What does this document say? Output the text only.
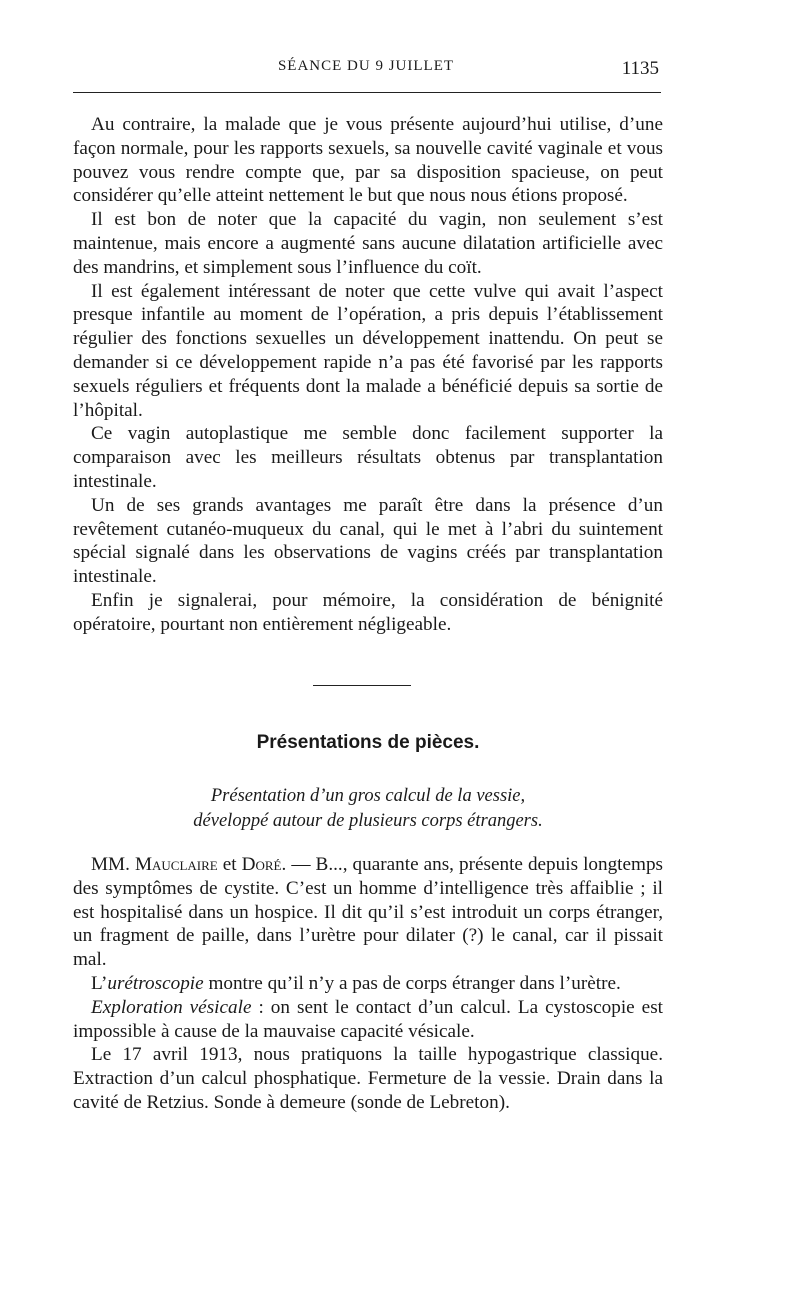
SÉANCE DU 9 JUILLET	1135

Au contraire, la malade que je vous présente aujourd’hui utilise, d’une façon normale, pour les rapports sexuels, sa nouvelle cavité vaginale et vous pouvez vous rendre compte que, par sa disposition spacieuse, on peut considérer qu’elle atteint nettement le but que nous nous étions proposé.

Il est bon de noter que la capacité du vagin, non seulement s’est maintenue, mais encore a augmenté sans aucune dilatation artificielle avec des mandrins, et simplement sous l’influence du coït.

Il est également intéressant de noter que cette vulve qui avait l’aspect presque infantile au moment de l’opération, a pris depuis l’établissement régulier des fonctions sexuelles un développement inattendu. On peut se demander si ce développement rapide n’a pas été favorisé par les rapports sexuels réguliers et fréquents dont la malade a bénéficié depuis sa sortie de l’hôpital.

Ce vagin autoplastique me semble donc facilement supporter la comparaison avec les meilleurs résultats obtenus par transplantation intestinale.

Un de ses grands avantages me paraît être dans la présence d’un revêtement cutanéo-muqueux du canal, qui le met à l’abri du suintement spécial signalé dans les observations de vagins créés par transplantation intestinale.

Enfin je signalerai, pour mémoire, la considération de bénignité opératoire, pourtant non entièrement négligeable.

Présentations de pièces.
Présentation d’un gros calcul de la vessie,
développé autour de plusieurs corps étrangers.

MM. Mauclaire et Doré. — B..., quarante ans, présente depuis longtemps des symptômes de cystite. C’est un homme d’intelligence très affaiblie ; il est hospitalisé dans un hospice. Il dit qu’il s’est introduit un corps étranger, un fragment de paille, dans l’urètre pour dilater (?) le canal, car il pissait mal.

L’urétroscopie montre qu’il n’y a pas de corps étranger dans l’urètre.

Exploration vésicale : on sent le contact d’un calcul. La cystoscopie est impossible à cause de la mauvaise capacité vésicale.

Le 17 avril 1913, nous pratiquons la taille hypogastrique classique. Extraction d’un calcul phosphatique. Fermeture de la vessie. Drain dans la cavité de Retzius. Sonde à demeure (sonde de Lebreton).
